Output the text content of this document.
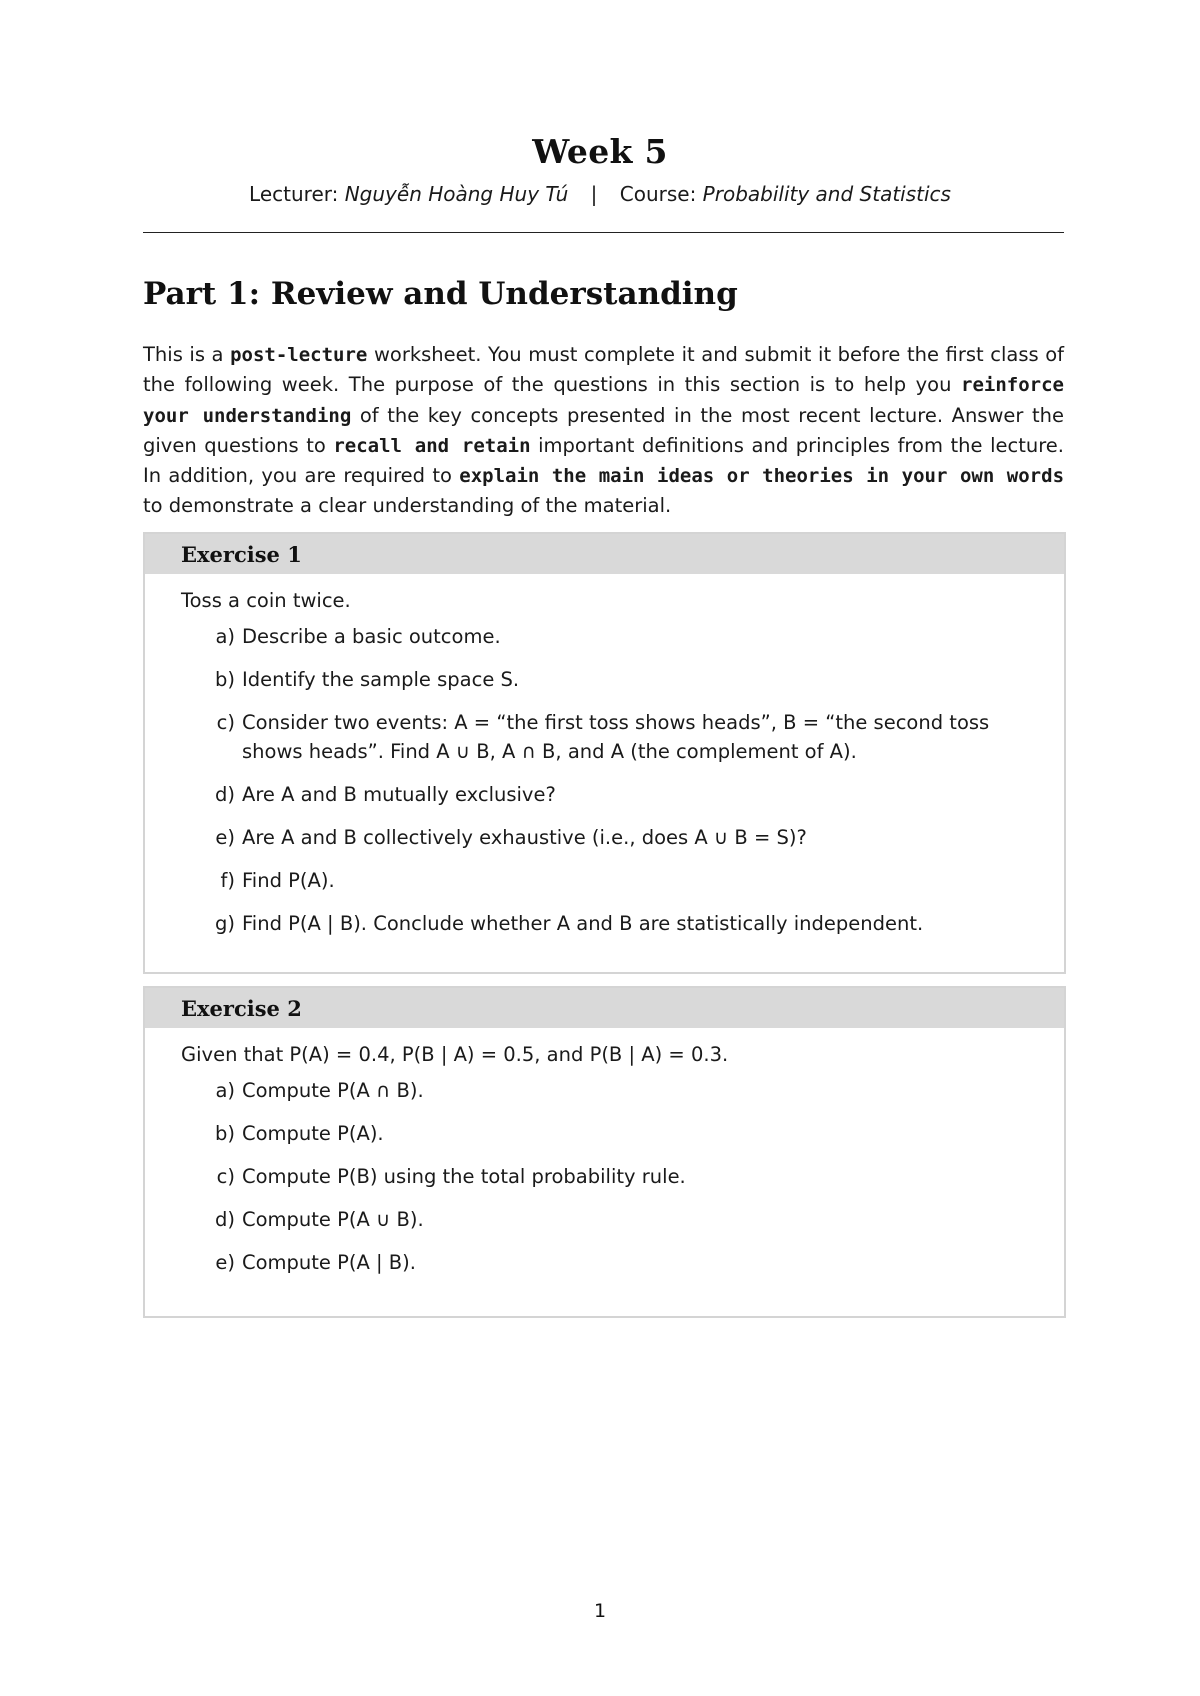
Week 5
Lecturer: Nguyễn Hoàng Huy Tú | Course: Probability and Statistics
Part 1: Review and Understanding
This is a post-lecture worksheet. You must complete it and submit it before the first class of the following week. The purpose of the questions in this section is to help you reinforce your understanding of the key concepts presented in the most recent lecture. Answer the given questions to recall and retain important definitions and principles from the lecture. In addition, you are required to explain the main ideas or theories in your own words to demonstrate a clear understanding of the material.
Exercise 1
Toss a coin twice.
a) Describe a basic outcome.
b) Identify the sample space S.
c) Consider two events: A = “the first toss shows heads”, B = “the second toss shows heads”. Find A ∪ B, A ∩ B, and A (the complement of A).
d) Are A and B mutually exclusive?
e) Are A and B collectively exhaustive (i.e., does A ∪ B = S)?
f) Find P(A).
g) Find P(A | B). Conclude whether A and B are statistically independent.
Exercise 2
Given that P(A) = 0.4, P(B | A) = 0.5, and P(B | A) = 0.3.
a) Compute P(A ∩ B).
b) Compute P(A).
c) Compute P(B) using the total probability rule.
d) Compute P(A ∪ B).
e) Compute P(A | B).
1
